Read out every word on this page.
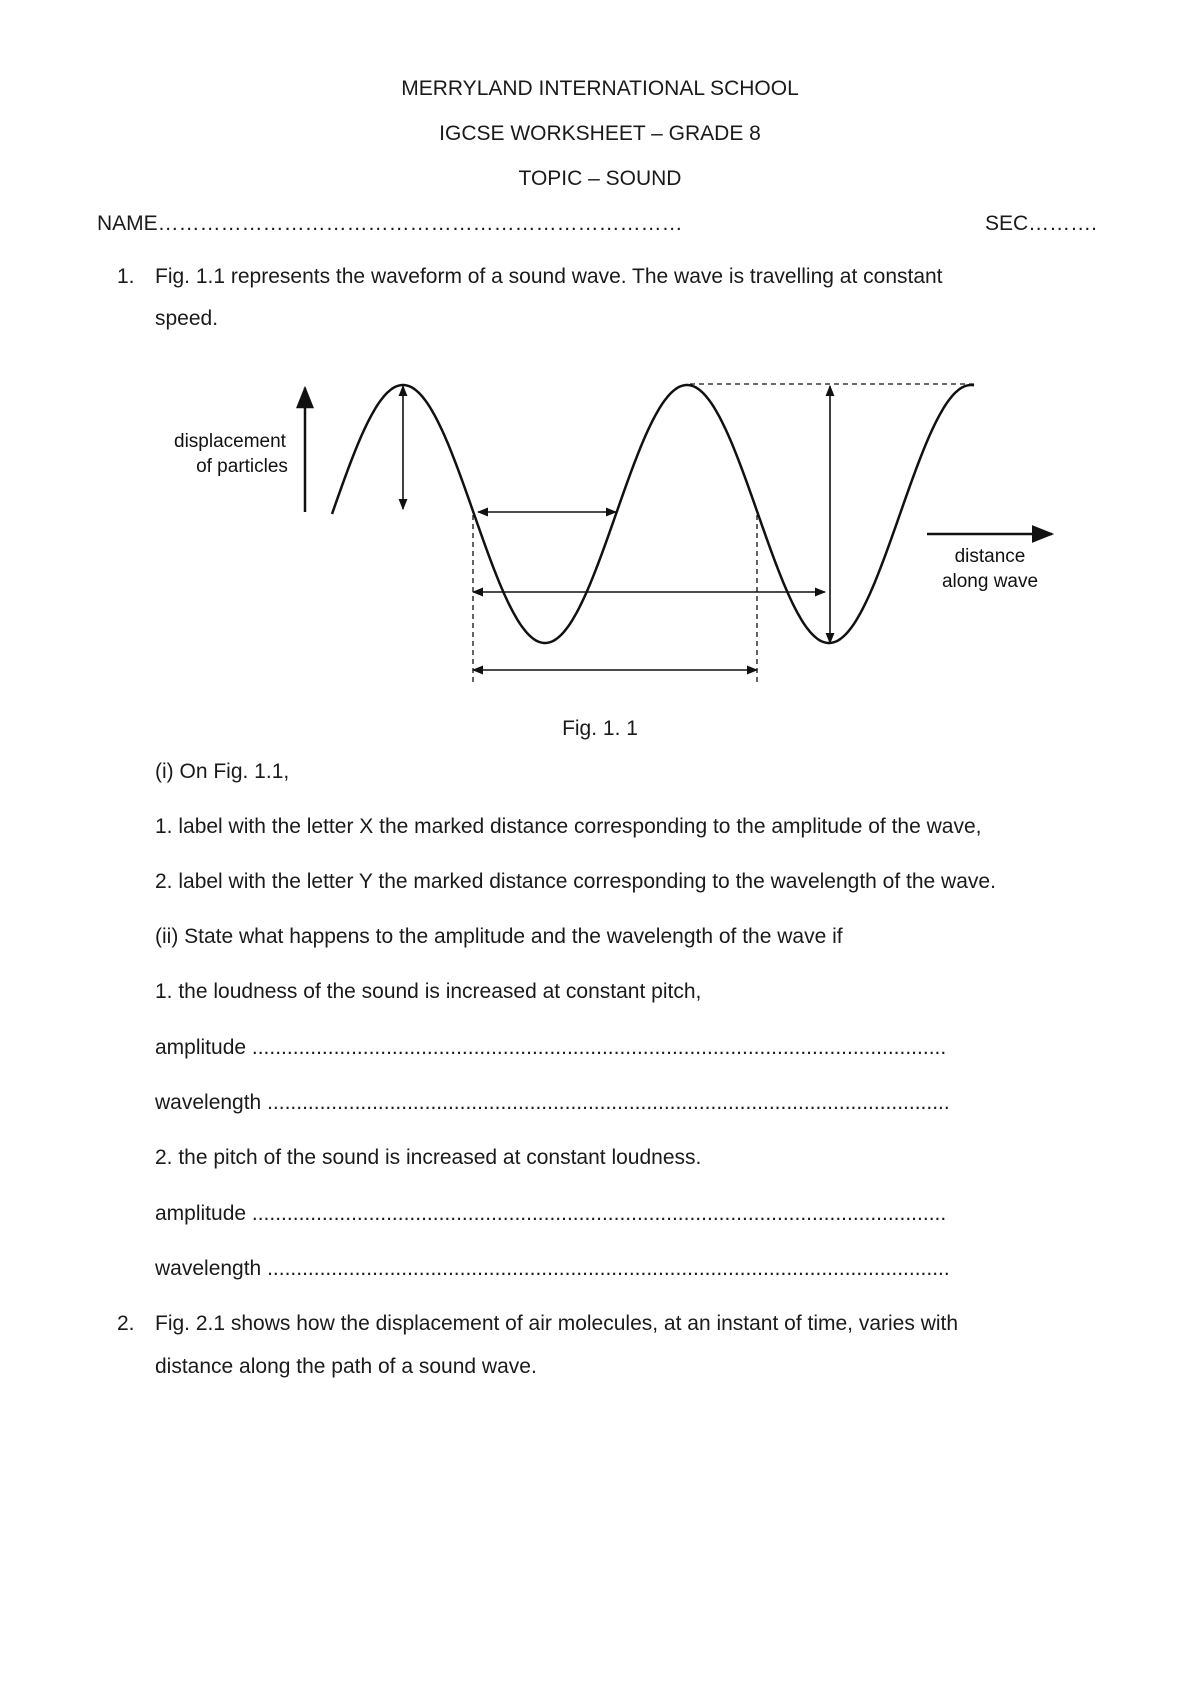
MERRYLAND INTERNATIONAL SCHOOL
IGCSE WORKSHEET – GRADE 8
TOPIC – SOUND
NAME…………………………………………………………………	SEC……….
1. Fig. 1.1 represents the waveform of a sound wave. The wave is travelling at constant
speed.
displacement
of particles
distance
along wave
Fig. 1. 1
(i) On Fig. 1.1,
1. label with the letter X the marked distance corresponding to the amplitude of the wave,
2. label with the letter Y the marked distance corresponding to the wavelength of the wave.
(ii) State what happens to the amplitude and the wavelength of the wave if
1. the loudness of the sound is increased at constant pitch,
amplitude .......................................................................................................................
wavelength .....................................................................................................................
2. the pitch of the sound is increased at constant loudness.
amplitude .......................................................................................................................
wavelength .....................................................................................................................
2. Fig. 2.1 shows how the displacement of air molecules, at an instant of time, varies with
distance along the path of a sound wave.
